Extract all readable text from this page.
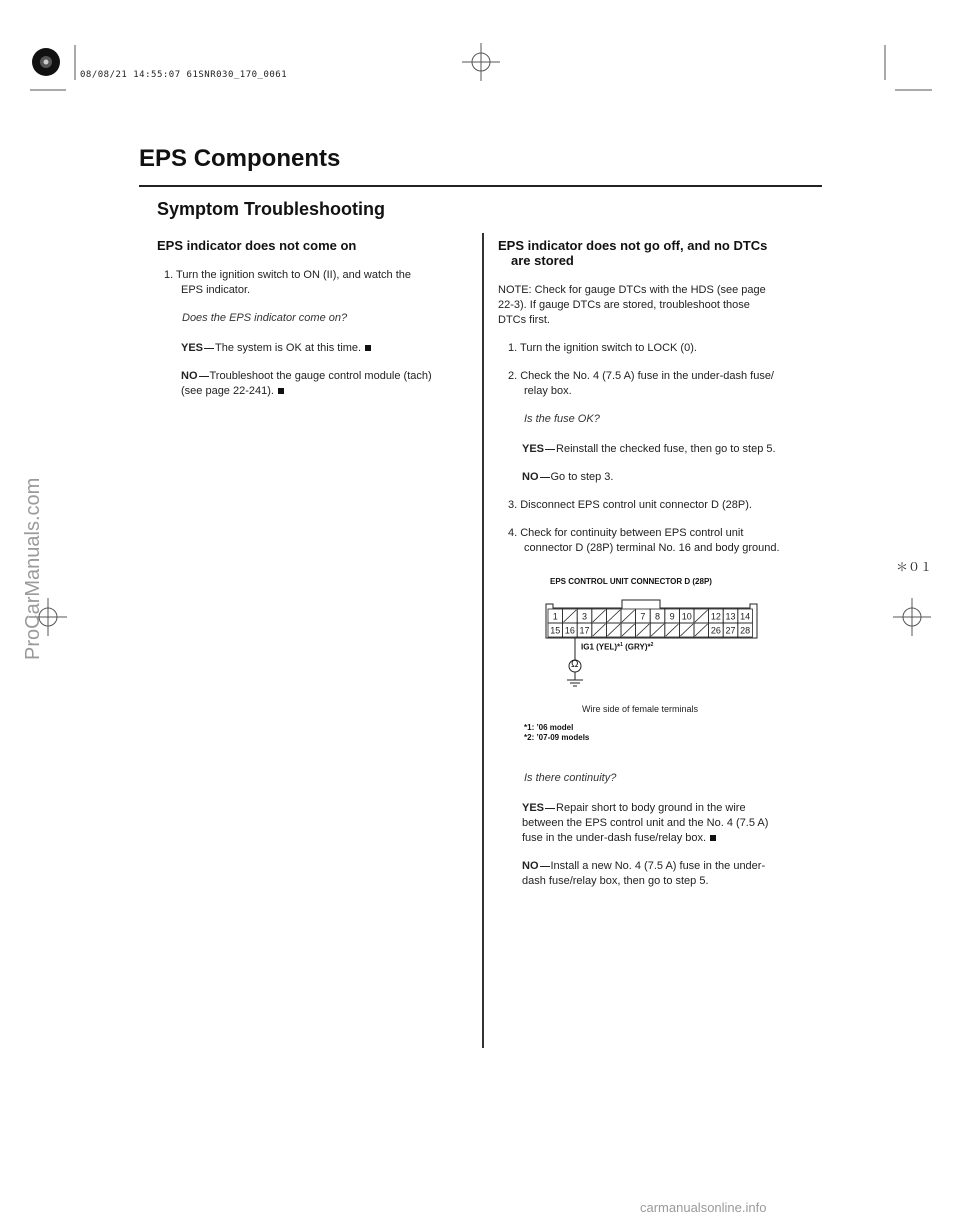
08/08/21 14:55:07 61SNR030_170_0061
EPS Components
Symptom Troubleshooting
＊０１
EPS indicator does not come on
1. Turn the ignition switch to ON (II), and watch the
EPS indicator.
Does the EPS indicator come on?
YES The system is OK at this time.
NO Troubleshoot the gauge control module (tach)
(see page 22-241).
EPS indicator does not go off, and no DTCs
are stored
NOTE: Check for gauge DTCs with the HDS (see page
22-3). If gauge DTCs are stored, troubleshoot those
DTCs first.
1. Turn the ignition switch to LOCK (0).
2. Check the No. 4 (7.5 A) fuse in the under-dash fuse/
relay box.
Is the fuse OK?
YES Reinstall the checked fuse, then go to step 5.
NO Go to step 3.
3. Disconnect EPS control unit connector D (28P).
4. Check for continuity between EPS control unit
connector D (28P) terminal No. 16 and body ground.
EPS CONTROL UNIT CONNECTOR D (28P)
1	3	7 8 9 10 12 13 14
15 16 17	26 27 28
Ω
IG1 (YEL)*$^1$ (GRY)*$^2$
Wire side of female terminals
*1: ’06 model
*2: ’07-09 models
Is there continuity?
YES Repair short to body ground in the wire
between the EPS control unit and the No. 4 (7.5 A)
fuse in the under-dash fuse/relay box.
NO Install a new No. 4 (7.5 A) fuse in the under-
dash fuse/relay box, then go to step 5.
ProCarManuals.com
carmanualsonline.info
